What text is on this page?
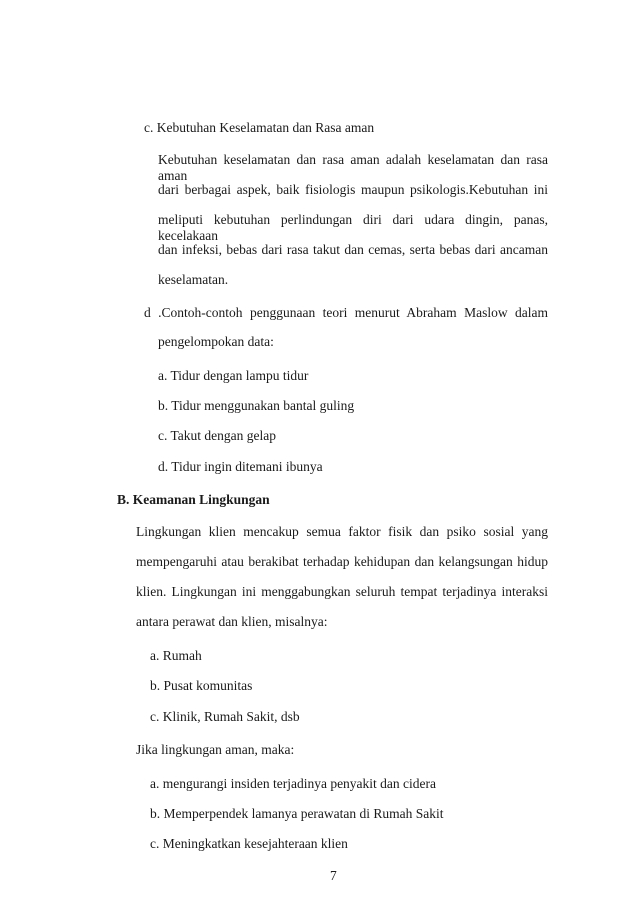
c. Kebutuhan Keselamatan dan Rasa aman
Kebutuhan keselamatan dan rasa aman adalah keselamatan dan rasa aman
dari berbagai aspek, baik fisiologis maupun psikologis.Kebutuhan ini
meliputi kebutuhan perlindungan diri dari udara dingin, panas, kecelakaan
dan infeksi, bebas dari rasa takut dan cemas, serta bebas dari ancaman
keselamatan.
d .Contoh-contoh penggunaan teori menurut Abraham Maslow dalam
pengelompokan data:
a. Tidur dengan lampu tidur
b. Tidur menggunakan bantal guling
c. Takut dengan gelap
d. Tidur ingin ditemani ibunya
B. Keamanan Lingkungan
Lingkungan klien mencakup semua faktor fisik dan psiko sosial yang
mempengaruhi atau berakibat terhadap kehidupan dan kelangsungan hidup
klien. Lingkungan ini menggabungkan seluruh tempat terjadinya interaksi
antara perawat dan klien, misalnya:
a. Rumah
b. Pusat komunitas
c. Klinik, Rumah Sakit, dsb
Jika lingkungan aman, maka:
a. mengurangi insiden terjadinya penyakit dan cidera
b. Memperpendek lamanya perawatan di Rumah Sakit
c. Meningkatkan kesejahteraan klien
7
